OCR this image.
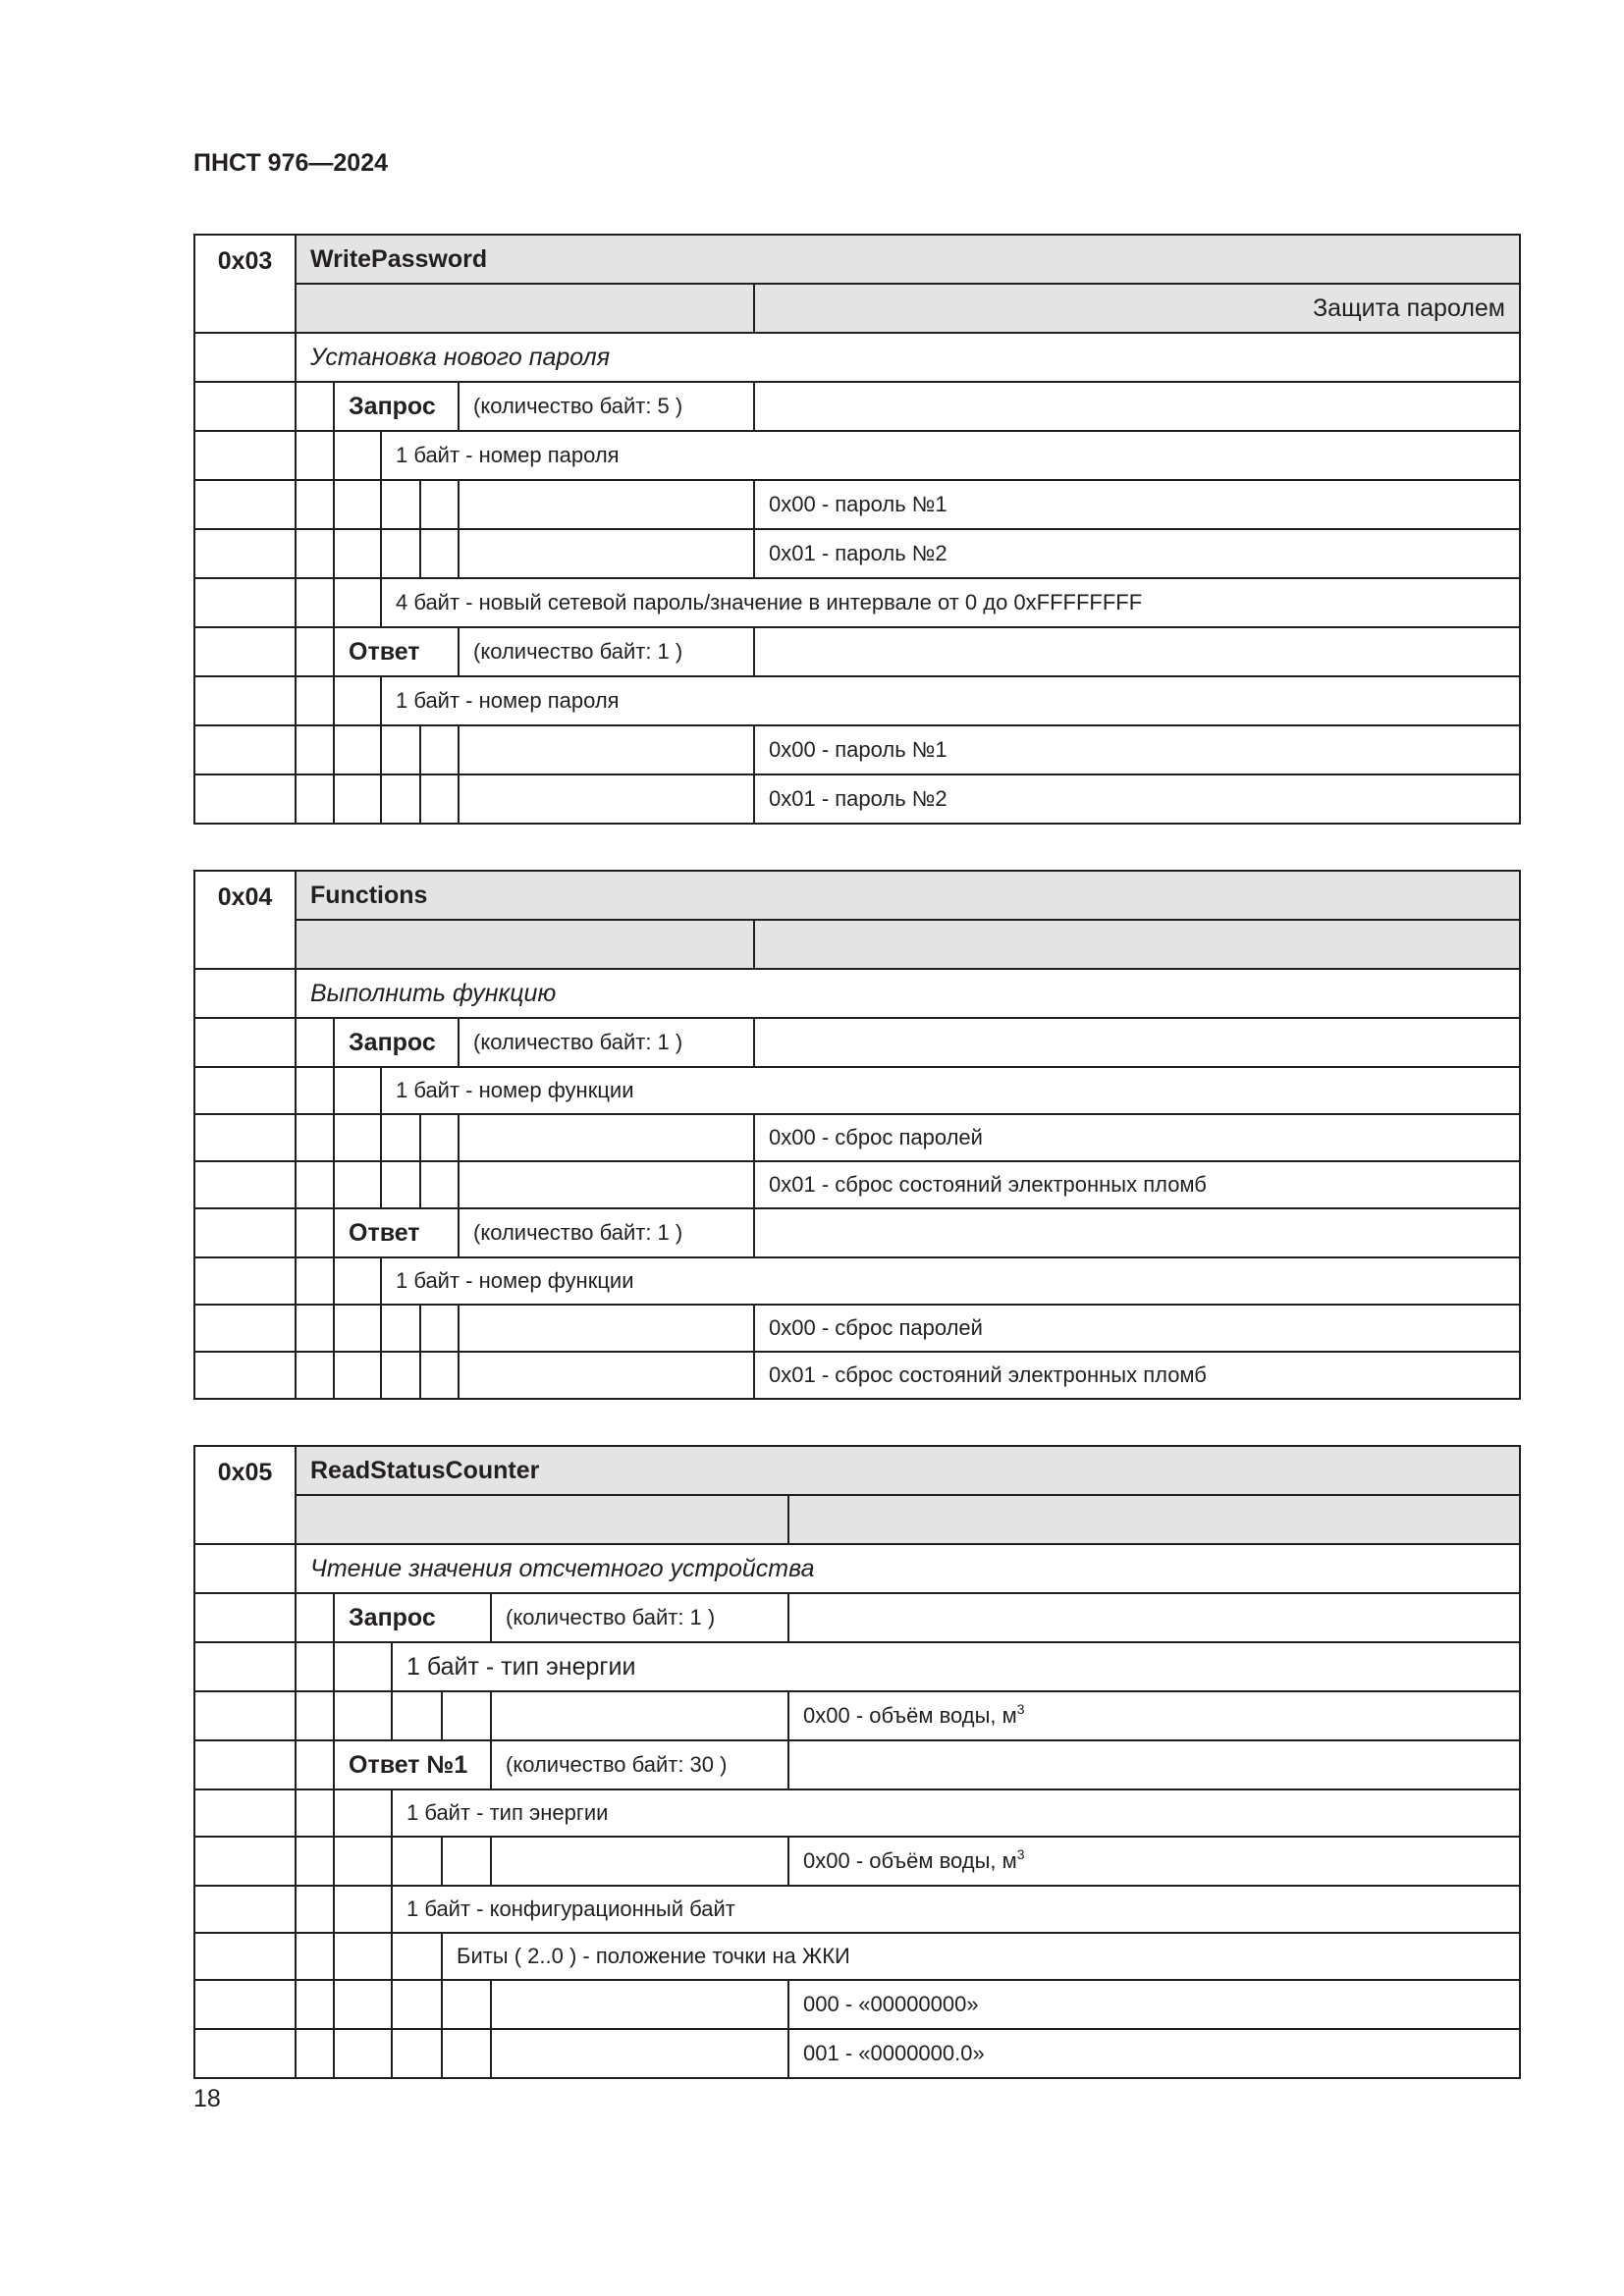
ПНСТ 976—2024
0x03	WritePassword					
						Защита паролем
	Установка нового пароля					
		Запрос			(количество байт: 5 )	
			1 байт - номер пароля			
						0x00 - пароль №1
						0x01 - пароль №2
			4 байт - новый сетевой пароль/значение в интервале от 0 до 0xFFFFFFFF			
		Ответ			(количество байт: 1 )	
			1 байт - номер пароля			
						0x00 - пароль №1
						0x01 - пароль №2
0x04	Functions					

	Выполнить функцию					
		Запрос			(количество байт: 1 )	
			1 байт - номер функции			
						0x00 - сброс паролей
						0x01 - сброс состояний электронных пломб
		Ответ			(количество байт: 1 )	
			1 байт - номер функции			
						0x00 - сброс паролей
						0x01 - сброс состояний электронных пломб
0x05	ReadStatusCounter					

	Чтение значения отсчетного устройства					
		Запрос			(количество байт: 1 )	
			1 байт - тип энергии			
						0x00 - объём воды, $м^3$
		Ответ №1			(количество байт: 30 )	
			1 байт - тип энергии			
						0x00 - объём воды, $м^3$
			1 байт - конфигурационный байт			
				Биты ( 2..0 ) - положение точки на ЖКИ		
						000 - «00000000»
						001 - «0000000.0»
18
